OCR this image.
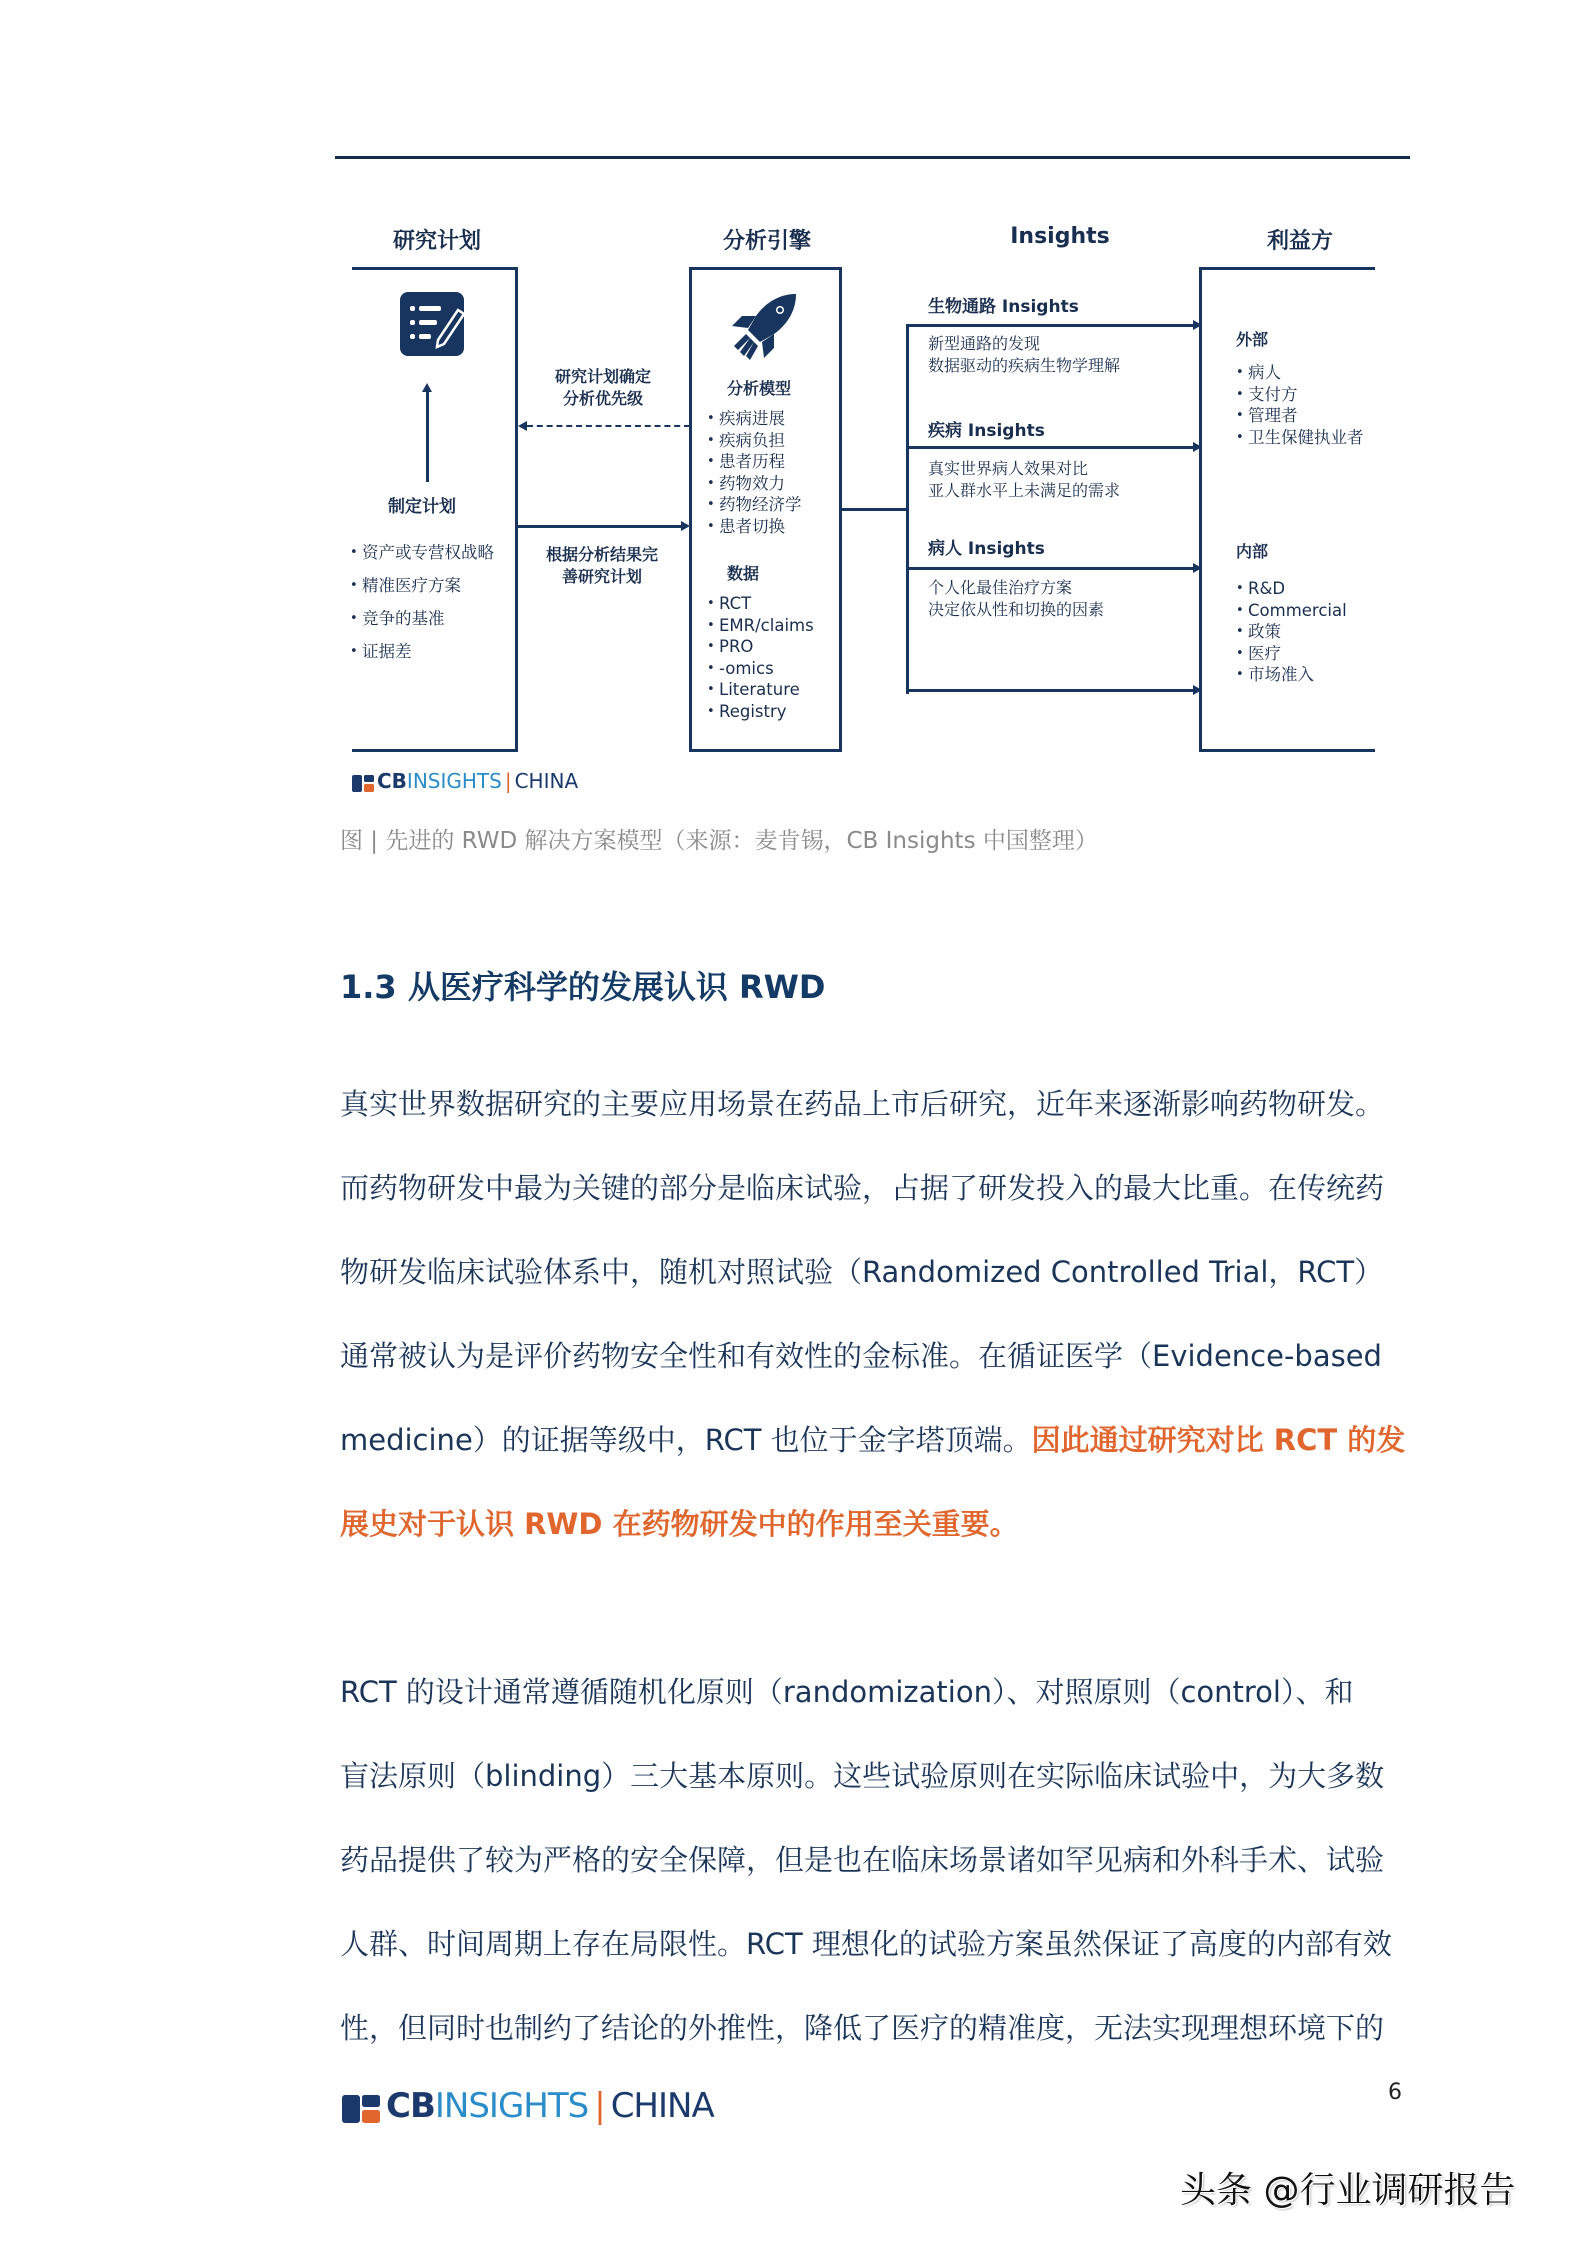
研究计划	分析引擎	Insights	利益方
制定计划
• 资产或专营权战略
• 精准医疗方案
• 竞争的基准
• 证据差
研究计划确定
分析优先级
根据分析结果完
善研究计划
分析模型
• 疾病进展
• 疾病负担
• 患者历程
• 药物效力
• 药物经济学
• 患者切换
数据
• RCT
• EMR/claims
• PRO
• -omics
• Literature
• Registry
生物通路 Insights
新型通路的发现
数据驱动的疾病生物学理解
疾病 Insights
真实世界病人效果对比
亚人群水平上未满足的需求
病人 Insights
个人化最佳治疗方案
决定依从性和切换的因素
外部
• 病人
• 支付方
• 管理者
• 卫生保健执业者
内部
• R&D
• Commercial
• 政策
• 医疗
• 市场准入
CB INSIGHTS | CHINA
图 | 先进的 RWD 解决方案模型（来源：麦肯锡，CB Insights 中国整理）
1.3 从医疗科学的发展认识 RWD
真实世界数据研究的主要应用场景在药品上市后研究，近年来逐渐影响药物研发。
而药物研发中最为关键的部分是临床试验，占据了研发投入的最大比重。在传统药
物研发临床试验体系中，随机对照试验（Randomized Controlled Trial，RCT）
通常被认为是评价药物安全性和有效性的金标准。在循证医学（Evidence-based
medicine）的证据等级中，RCT 也位于金字塔顶端。因此通过研究对比 RCT 的发
展史对于认识 RWD 在药物研发中的作用至关重要。
RCT 的设计通常遵循随机化原则（randomization）、对照原则（control）、和
盲法原则（blinding）三大基本原则。这些试验原则在实际临床试验中，为大多数
药品提供了较为严格的安全保障，但是也在临床场景诸如罕见病和外科手术、试验
人群、时间周期上存在局限性。RCT 理想化的试验方案虽然保证了高度的内部有效
性，但同时也制约了结论的外推性，降低了医疗的精准度，无法实现理想环境下的
CB INSIGHTS | CHINA	6
头条 @行业调研报告
